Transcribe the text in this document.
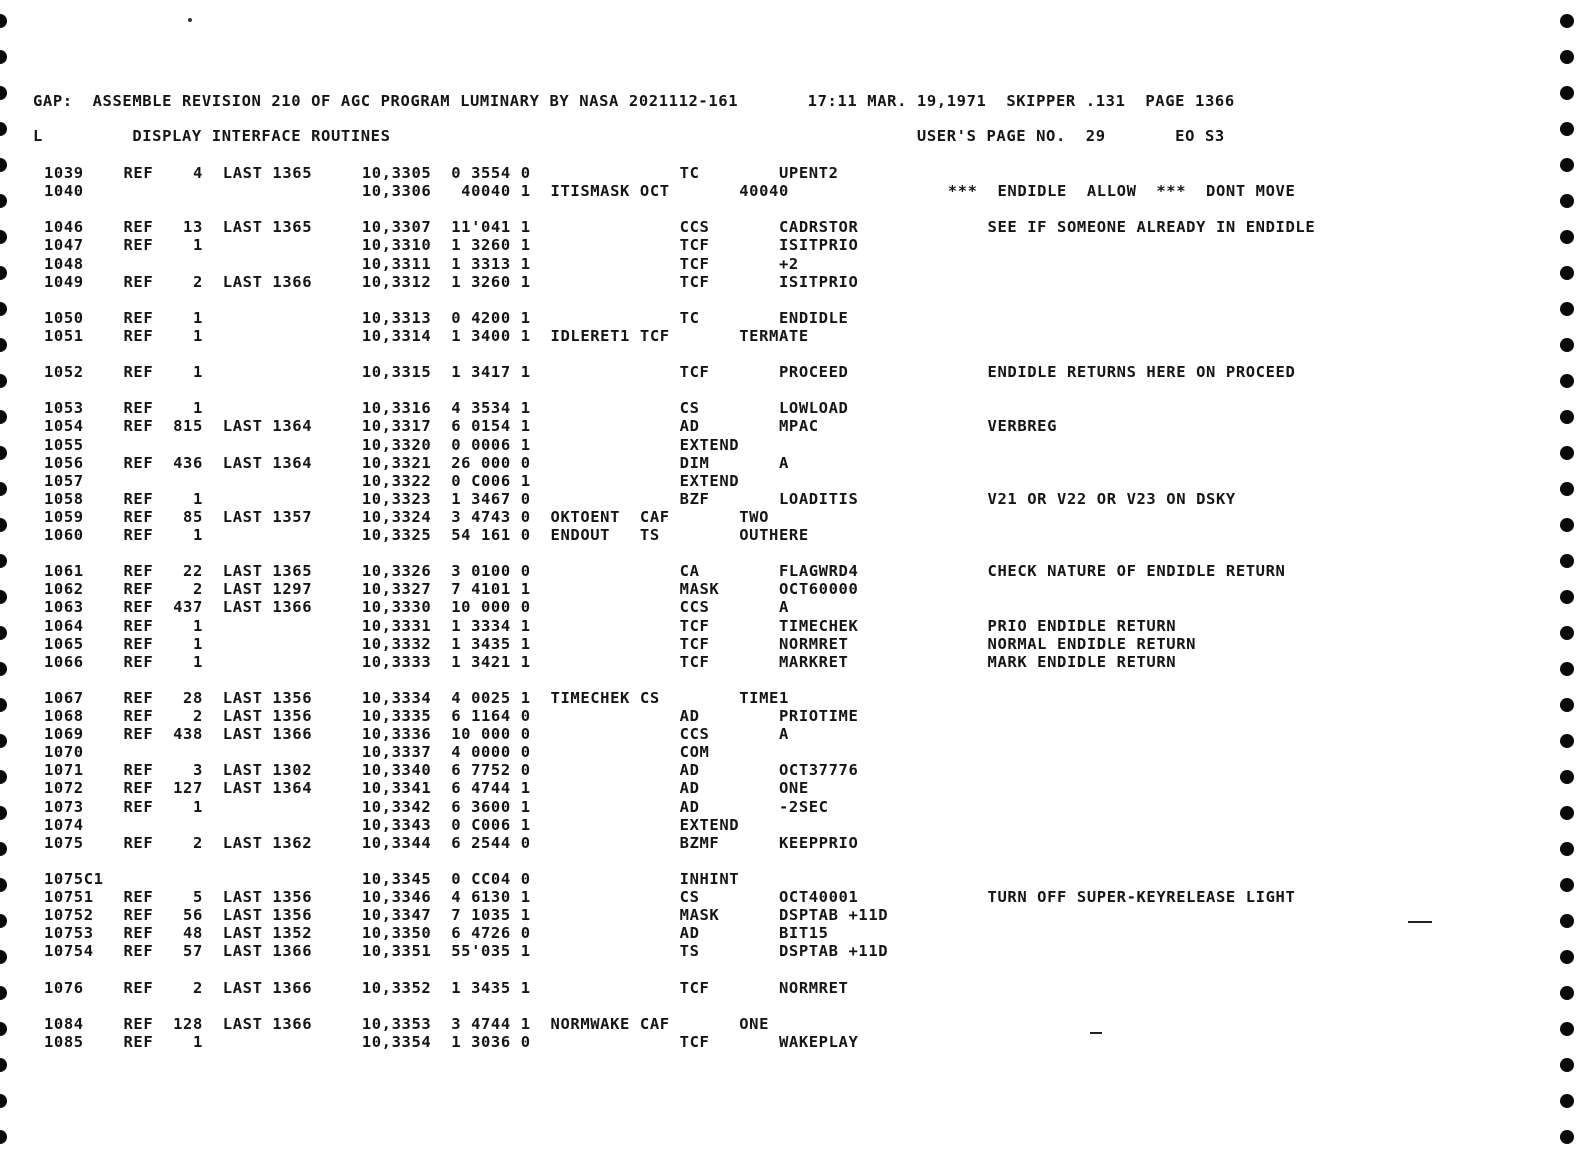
GAP:  ASSEMBLE REVISION 210 OF AGC PROGRAM LUMINARY BY NASA 2021112-161       17:11 MAR. 19,1971  SKIPPER .131  PAGE 1366
L         DISPLAY INTERFACE ROUTINES                                                     USER'S PAGE NO.  29       EO S3
1039    REF    4  LAST 1365     10,3305  0 3554 0               TC        UPENT2
1040                            10,3306   40040 1  ITISMASK OCT       40040                ***  ENDIDLE  ALLOW  ***  DONT MOVE
1046    REF   13  LAST 1365     10,3307  11'041 1               CCS       CADRSTOR             SEE IF SOMEONE ALREADY IN ENDIDLE
1047    REF    1                10,3310  1 3260 1               TCF       ISITPRIO
1048                            10,3311  1 3313 1               TCF       +2
1049    REF    2  LAST 1366     10,3312  1 3260 1               TCF       ISITPRIO
1050    REF    1                10,3313  0 4200 1               TC        ENDIDLE
1051    REF    1                10,3314  1 3400 1  IDLERET1 TCF       TERMATE
1052    REF    1                10,3315  1 3417 1               TCF       PROCEED              ENDIDLE RETURNS HERE ON PROCEED
1053    REF    1                10,3316  4 3534 1               CS        LOWLOAD
1054    REF  815  LAST 1364     10,3317  6 0154 1               AD        MPAC                 VERBREG
1055                            10,3320  0 0006 1               EXTEND
1056    REF  436  LAST 1364     10,3321  26 000 0               DIM       A
1057                            10,3322  0 C006 1               EXTEND
1058    REF    1                10,3323  1 3467 0               BZF       LOADITIS             V21 OR V22 OR V23 ON DSKY
1059    REF   85  LAST 1357     10,3324  3 4743 0  OKTOENT  CAF       TWO
1060    REF    1                10,3325  54 161 0  ENDOUT   TS        OUTHERE
1061    REF   22  LAST 1365     10,3326  3 0100 0               CA        FLAGWRD4             CHECK NATURE OF ENDIDLE RETURN
1062    REF    2  LAST 1297     10,3327  7 4101 1               MASK      OCT60000
1063    REF  437  LAST 1366     10,3330  10 000 0               CCS       A
1064    REF    1                10,3331  1 3334 1               TCF       TIMECHEK             PRIO ENDIDLE RETURN
1065    REF    1                10,3332  1 3435 1               TCF       NORMRET              NORMAL ENDIDLE RETURN
1066    REF    1                10,3333  1 3421 1               TCF       MARKRET              MARK ENDIDLE RETURN
1067    REF   28  LAST 1356     10,3334  4 0025 1  TIMECHEK CS        TIME1
1068    REF    2  LAST 1356     10,3335  6 1164 0               AD        PRIOTIME
1069    REF  438  LAST 1366     10,3336  10 000 0               CCS       A
1070                            10,3337  4 0000 0               COM
1071    REF    3  LAST 1302     10,3340  6 7752 0               AD        OCT37776
1072    REF  127  LAST 1364     10,3341  6 4744 1               AD        ONE
1073    REF    1                10,3342  6 3600 1               AD        -2SEC
1074                            10,3343  0 C006 1               EXTEND
1075    REF    2  LAST 1362     10,3344  6 2544 0               BZMF      KEEPPRIO
1075C1                          10,3345  0 CC04 0               INHINT
10751   REF    5  LAST 1356     10,3346  4 6130 1               CS        OCT40001             TURN OFF SUPER-KEYRELEASE LIGHT
10752   REF   56  LAST 1356     10,3347  7 1035 1               MASK      DSPTAB +11D
10753   REF   48  LAST 1352     10,3350  6 4726 0               AD        BIT15
10754   REF   57  LAST 1366     10,3351  55'035 1               TS        DSPTAB +11D
1076    REF    2  LAST 1366     10,3352  1 3435 1               TCF       NORMRET
1084    REF  128  LAST 1366     10,3353  3 4744 1  NORMWAKE CAF       ONE
1085    REF    1                10,3354  1 3036 0               TCF       WAKEPLAY
